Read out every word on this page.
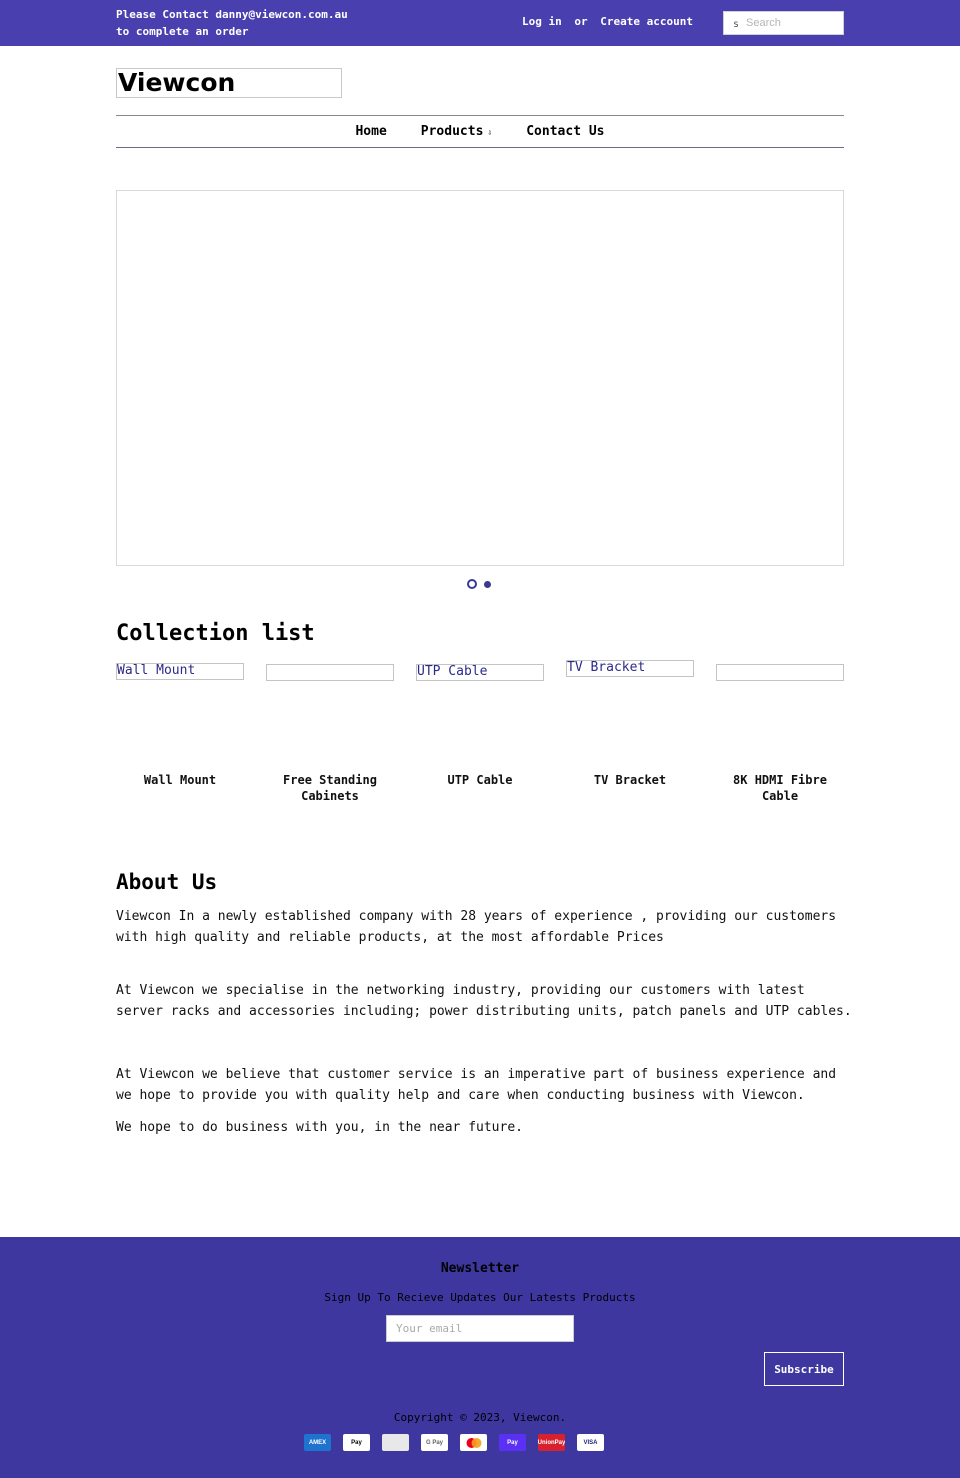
Please Contact danny@viewcon.com.au to complete an order
Log in or Create account	s
Search
Viewcon
Home	Products ⇩	Contact Us
Collection list
Wall Mount
Wall Mount	Free Standing Cabinets
UTP Cable
UTP Cable
TV Bracket
TV Bracket	8K HDMI Fibre Cable
About Us

Viewcon In a newly established company with 28 years of experience , providing our customers with high quality and reliable products, at the most affordable Prices

At Viewcon we specialise in the networking industry, providing our customers with latest server racks and accessories including; power distributing units, patch panels and UTP cables.

At Viewcon we believe that customer service is an imperative part of business experience and we hope to provide you with quality help and care when conducting business with Viewcon.

We hope to do business with you, in the near future.

Newsletter
Sign Up To Recieve Updates Our Latests Products
Your email
Subscribe
Copyright © 2023, Viewcon.
AMEX	Pay	G Pay	Pay	UnionPay	VISA
